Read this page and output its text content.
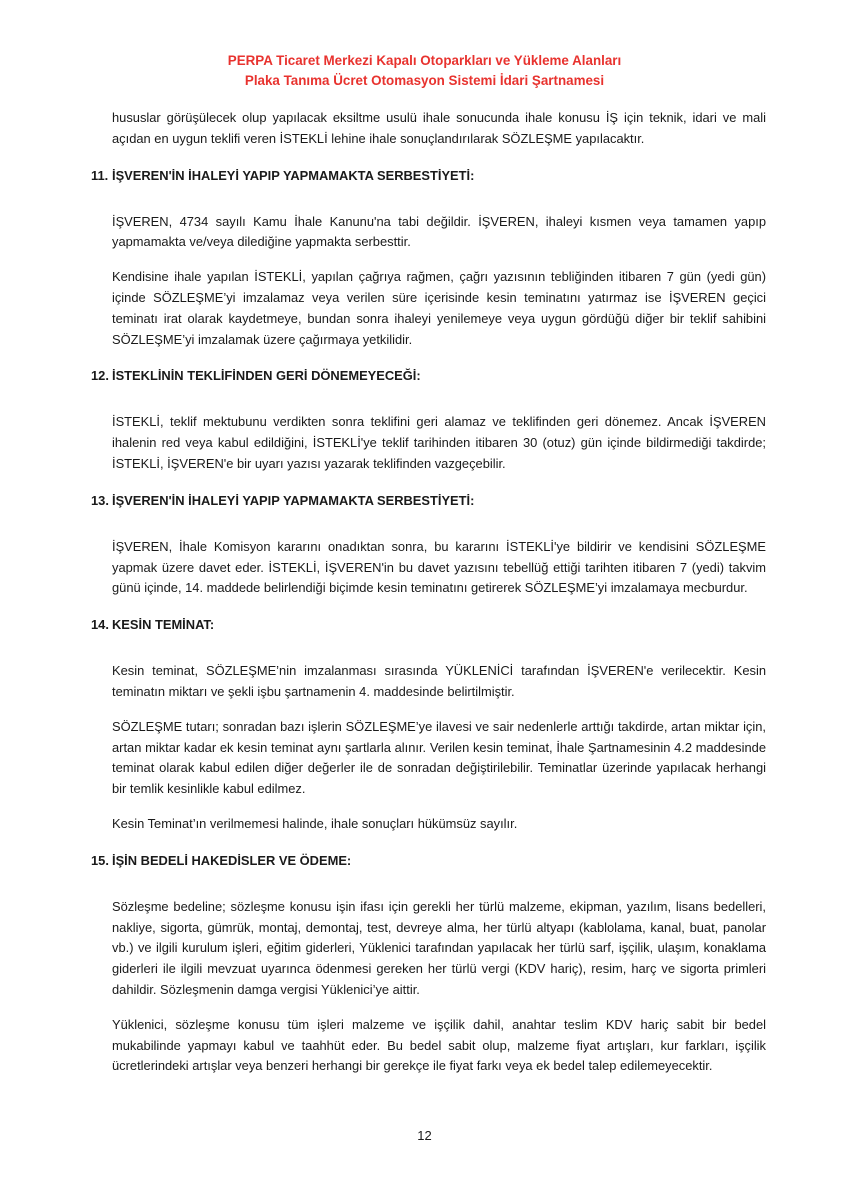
PERPA Ticaret Merkezi Kapalı Otoparkları ve Yükleme Alanları
Plaka Tanıma Ücret Otomasyon Sistemi İdari Şartnamesi

hususlar görüşülecek olup yapılacak eksiltme usulü ihale sonucunda ihale konusu İŞ için teknik, idari ve mali açıdan en uygun teklifi veren İSTEKLİ lehine ihale sonuçlandırılarak SÖZLEŞME yapılacaktır.

11. İŞVEREN'İN İHALEYİ YAPIP YAPMAMAKTA SERBESTİYETİ:

İŞVEREN, 4734 sayılı Kamu İhale Kanunu'na tabi değildir. İŞVEREN, ihaleyi kısmen veya tamamen yapıp yapmamakta ve/veya dilediğine yapmakta serbesttir.

Kendisine ihale yapılan İSTEKLİ, yapılan çağrıya rağmen, çağrı yazısının tebliğinden itibaren 7 gün (yedi gün) içinde SÖZLEŞME’yi imzalamaz veya verilen süre içerisinde kesin teminatını yatırmaz ise İŞVEREN geçici teminatı irat olarak kaydetmeye, bundan sonra ihaleyi yenilemeye veya uygun gördüğü diğer bir teklif sahibini SÖZLEŞME’yi imzalamak üzere çağırmaya yetkilidir.

12. İSTEKLİNİN TEKLİFİNDEN GERİ DÖNEMEYECEĞİ:

İSTEKLİ, teklif mektubunu verdikten sonra teklifini geri alamaz ve teklifinden geri dönemez. Ancak İŞVEREN ihalenin red veya kabul edildiğini, İSTEKLİ'ye teklif tarihinden itibaren 30 (otuz) gün içinde bildirmediği takdirde; İSTEKLİ, İŞVEREN'e bir uyarı yazısı yazarak teklifinden vazgeçebilir.

13. İŞVEREN'İN İHALEYİ YAPIP YAPMAMAKTA SERBESTİYETİ:

İŞVEREN, İhale Komisyon kararını onadıktan sonra, bu kararını İSTEKLİ'ye bildirir ve kendisini SÖZLEŞME yapmak üzere davet eder. İSTEKLİ, İŞVEREN'in bu davet yazısını tebellüğ ettiği tarihten itibaren 7 (yedi) takvim günü içinde, 14. maddede belirlendiği biçimde kesin teminatını getirerek SÖZLEŞME’yi imzalamaya mecburdur.

14. KESİN TEMİNAT:

Kesin teminat, SÖZLEŞME’nin imzalanması sırasında YÜKLENİCİ tarafından İŞVEREN'e verilecektir. Kesin teminatın miktarı ve şekli işbu şartnamenin 4. maddesinde belirtilmiştir.

SÖZLEŞME tutarı; sonradan bazı işlerin SÖZLEŞME’ye ilavesi ve sair nedenlerle arttığı takdirde, artan miktar için, artan miktar kadar ek kesin teminat aynı şartlarla alınır. Verilen kesin teminat, İhale Şartnamesinin 4.2 maddesinde teminat olarak kabul edilen diğer değerler ile de sonradan değiştirilebilir. Teminatlar üzerinde yapılacak herhangi bir temlik kesinlikle kabul edilmez.

Kesin Teminat’ın verilmemesi halinde, ihale sonuçları hükümsüz sayılır.

15. İŞİN BEDELİ HAKEDİSLER VE ÖDEME:

Sözleşme bedeline; sözleşme konusu işin ifası için gerekli her türlü malzeme, ekipman, yazılım, lisans bedelleri, nakliye, sigorta, gümrük, montaj, demontaj, test, devreye alma, her türlü altyapı (kablolama, kanal, buat, panolar vb.) ve ilgili kurulum işleri, eğitim giderleri, Yüklenici tarafından yapılacak her türlü sarf, işçilik, ulaşım, konaklama giderleri ile ilgili mevzuat uyarınca ödenmesi gereken her türlü vergi (KDV hariç), resim, harç ve sigorta primleri dahildir. Sözleşmenin damga vergisi Yüklenici’ye aittir.

Yüklenici, sözleşme konusu tüm işleri malzeme ve işçilik dahil, anahtar teslim KDV hariç sabit bir bedel mukabilinde yapmayı kabul ve taahhüt eder. Bu bedel sabit olup, malzeme fiyat artışları, kur farkları, işçilik ücretlerindeki artışlar veya benzeri herhangi bir gerekçe ile fiyat farkı veya ek bedel talep edilemeyecektir.

12
